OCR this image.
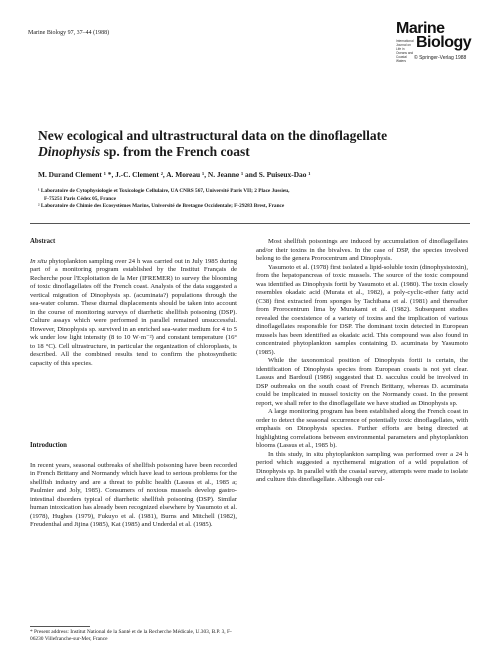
Marine Biology 97, 37–44 (1988)	Marine
International Journal on Life in Oceans and Coastal Waters
Biology
© Springer-Verlag 1988
New ecological and ultrastructural data on the dinoflagellate
Dinophysis sp. from the French coast
M. Durand Clement ¹ *, J.-C. Clement ², A. Moreau ¹, N. Jeanne ¹ and S. Puiseux-Dao ¹
¹ Laboratoire de Cytophysiologie et Toxicologie Cellulaire, UA CNRS 567, Université Paris VII; 2 Place Jussieu,
F-75251 Paris Cédex 05, France
² Laboratoire de Chimie des Ecosystèmes Marins, Université de Bretagne Occidentale; F-29283 Brest, France
Abstract

In situ phytoplankton sampling over 24 h was carried out in July 1985 during part of a monitoring program established by the Institut Français de Recherche pour l'Exploitation de la Mer (IFREMER) to survey the blooming of toxic dinoflagellates off the French coast. Analysis of the data suggested a vertical migration of Dinophysis sp. (acuminata?) populations through the sea-water column. These diurnal displacements should be taken into account in the course of monitoring surveys of diarrhetic shellfish poisoning (DSP). Culture assays which were performed in parallel remained unsuccessful. However, Dinophysis sp. survived in an enriched sea-water medium for 4 to 5 wk under low light intensity (8 to 10 W·m⁻²) and constant temperature (16° to 18 °C). Cell ultrastructure, in particular the organization of chloroplasts, is described. All the combined results tend to confirm the photosynthetic capacity of this species.

Introduction

In recent years, seasonal outbreaks of shellfish poisoning have been recorded in French Brittany and Normandy which have lead to serious problems for the shellfish industry and are a threat to public health (Lassus et al., 1985 a; Paulmier and Joly, 1985). Consumers of noxious mussels develop gastro-intestinal disorders typical of diarrhetic shellfish poisoning (DSP). Similar human intoxication has already been recognized elsewhere by Yasumoto et al. (1978), Hughes (1979), Fukuyo et al. (1981), Burns and Mitchell (1982), Freudenthal and Jijina (1985), Kat (1985) and Underdal et al. (1985).

Most shellfish poisonings are induced by accumulation of dinoflagellates and/or their toxins in the bivalves. In the case of DSP, the species involved belong to the genera Prorocentrum and Dinophysis.

Yasumoto et al. (1978) first isolated a lipid-soluble toxin (dinophysistoxin), from the hepatopancreas of toxic mussels. The source of the toxic compound was identified as Dinophysis fortii by Yasumoto et al. (1980). The toxin closely resembles okadaic acid (Murata et al., 1982), a poly-cyclic-ether fatty acid (C38) first extracted from sponges by Tachibana et al. (1981) and thereafter from Prorocentrum lima by Murakami et al. (1982). Subsequent studies revealed the coexistence of a variety of toxins and the implication of various dinoflagellates responsible for DSP. The dominant toxin detected in European mussels has been identified as okadaic acid. This compound was also found in concentrated phytoplankton samples containing D. acuminata by Yasumoto (1985).

While the taxonomical position of Dinophysis fortii is certain, the identification of Dinophysis species from European coasts is not yet clear. Lassus and Bardouil (1986) suggested that D. sacculus could be involved in DSP outbreaks on the south coast of French Brittany, whereas D. acuminata could be implicated in mussel toxicity on the Normandy coast. In the present report, we shall refer to the dinoflagellate we have studied as Dinophysis sp.

A large monitoring program has been established along the French coast in order to detect the seasonal occurrence of potentially toxic dinoflagellates, with emphasis on Dinophysis species. Further efforts are being directed at highlighting correlations between environmental parameters and phytoplankton blooms (Lassus et al., 1985 b).

In this study, in situ phytoplankton sampling was performed over a 24 h period which suggested a nycthemeral migration of a wild population of Dinophysis sp. In parallel with the coastal survey, attempts were made to isolate and culture this dinoflagellate. Although our cul-

* Present address: Institut National de la Santé et de la Recherche Médicale, U.303, B.P. 3, F-06230 Villefranche-sur-Mer, France
